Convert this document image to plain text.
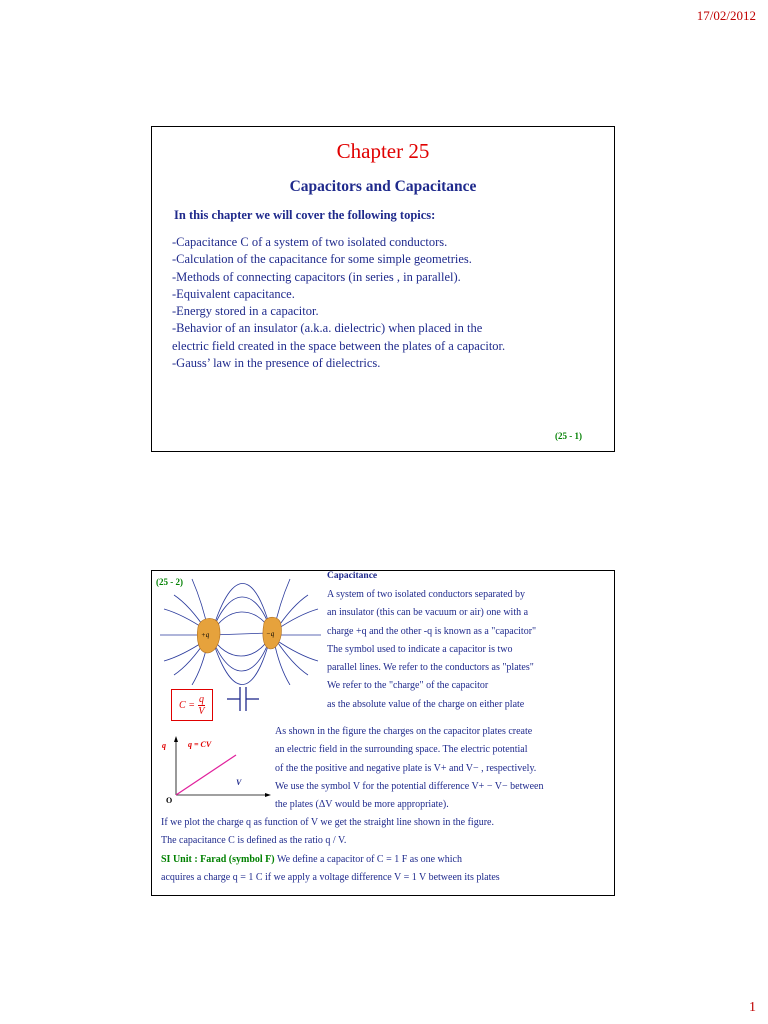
17/02/2012
Chapter 25
Capacitors and Capacitance
In this chapter we will cover the following topics:
-Capacitance C of a system of two isolated conductors.
-Calculation of the capacitance for some simple geometries.
-Methods of connecting capacitors (in series , in parallel).
-Equivalent capacitance.
-Energy stored in a capacitor.
-Behavior of an insulator (a.k.a. dielectric) when placed in the
electric field created in the space between the plates of a capacitor.
-Gauss’ law in the presence of dielectrics.
(25 - 1)
(25 - 2)
+q	−q
$C = \frac{q}{V}$
q	q = CV
V
O
Capacitance
A system of two isolated conductors separated by
an insulator (this can be vacuum or air) one with a
charge +q and the other -q is known as a "capacitor"
The symbol used to indicate a capacitor is two
parallel lines. We refer to the conductors as "plates"
We refer to the "charge" of the capacitor
as the absolute value of the charge on either plate
As shown in the figure the charges on the capacitor plates create
an electric field in the surrounding space. The electric potential
of the the positive and negative plate is V+ and V− , respectively.
We use the symbol V for the potential difference V+ − V− between
the plates (ΔV would be more appropriate).
If we plot the charge q as function of V we get the straight line shown in the figure.
The capacitance C is defined as the ratio q / V.
SI Unit : Farad (symbol F) We define a capacitor of C = 1 F as one which
acquires a charge q = 1 C if we apply a voltage difference V = 1 V between its plates
1
